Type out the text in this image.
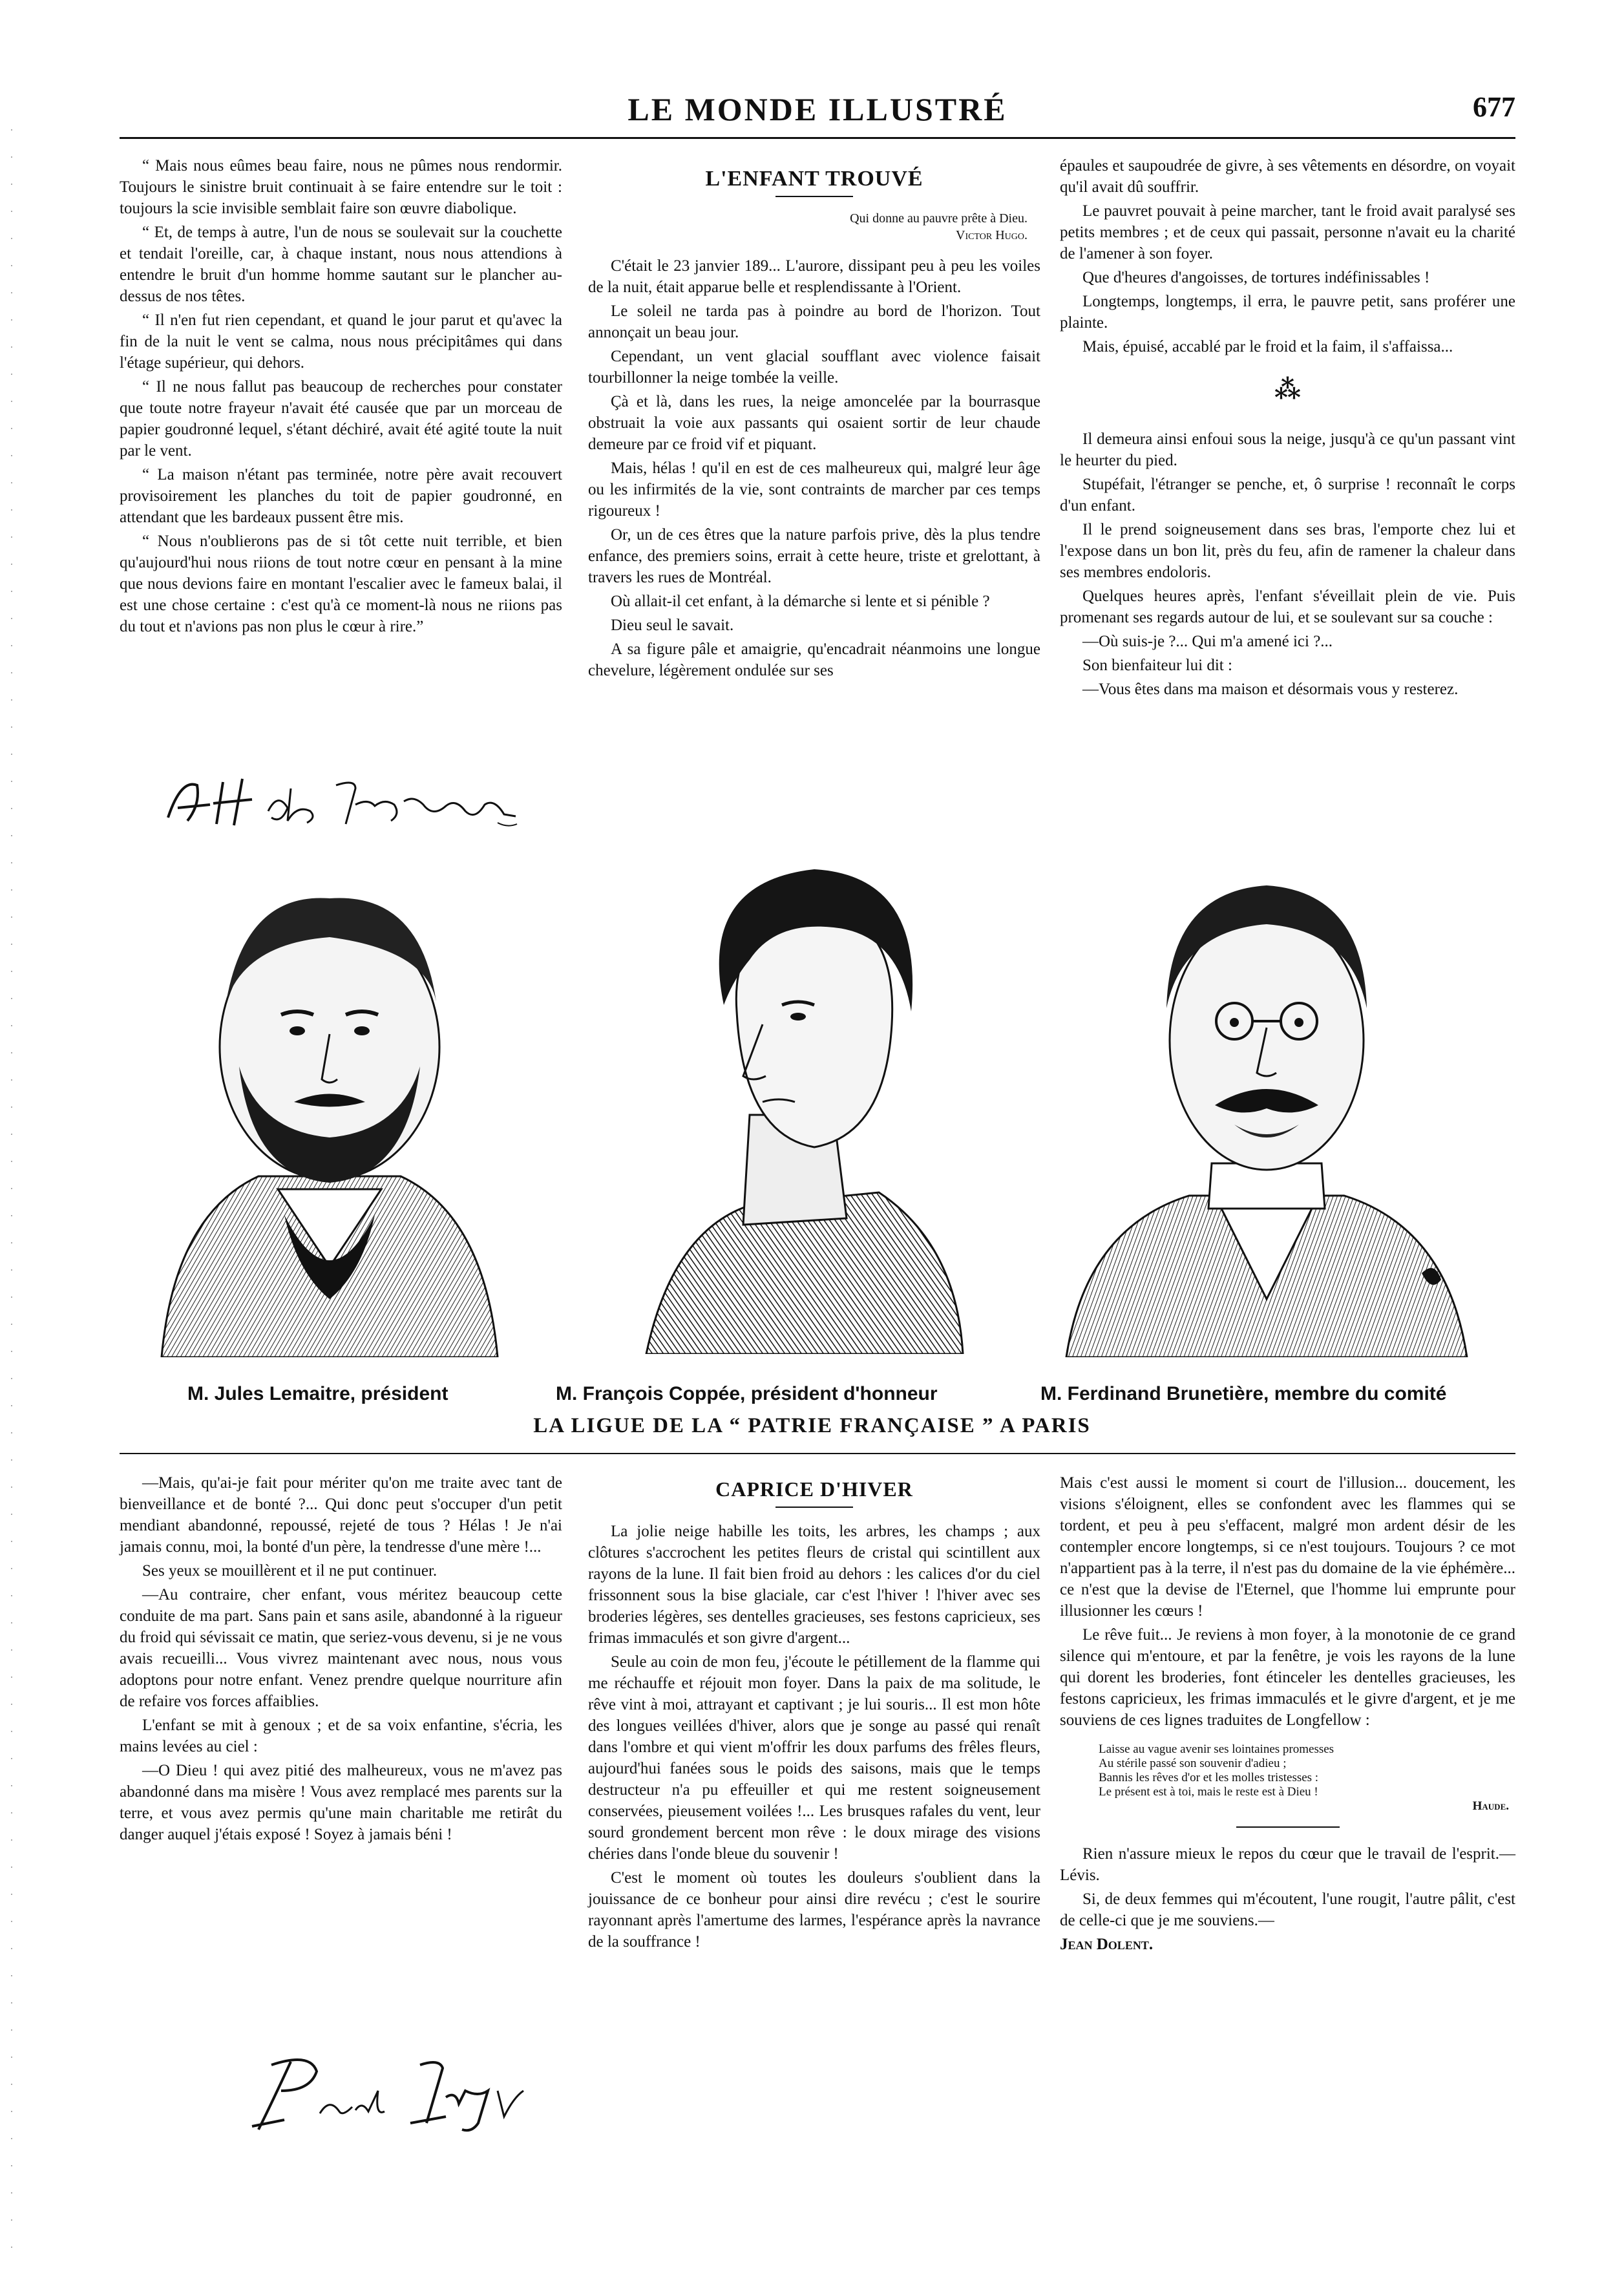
LE MONDE ILLUSTRÉ	677

“ Mais nous eûmes beau faire, nous ne pûmes nous rendormir. Toujours le sinistre bruit continuait à se faire entendre sur le toit : toujours la scie invisible semblait faire son œuvre diabolique.

“ Et, de temps à autre, l'un de nous se soulevait sur la couchette et tendait l'oreille, car, à chaque instant, nous nous attendions à entendre le bruit d'un homme homme sautant sur le plancher au-dessus de nos têtes.

“ Il n'en fut rien cependant, et quand le jour parut et qu'avec la fin de la nuit le vent se calma, nous nous précipitâmes qui dans l'étage supérieur, qui dehors.

“ Il ne nous fallut pas beaucoup de recherches pour constater que toute notre frayeur n'avait été causée que par un morceau de papier goudronné lequel, s'étant déchiré, avait été agité toute la nuit par le vent.

“ La maison n'étant pas terminée, notre père avait recouvert provisoirement les planches du toit de papier goudronné, en attendant que les bardeaux pussent être mis.

“ Nous n'oublierons pas de si tôt cette nuit terrible, et bien qu'aujourd'hui nous riions de tout notre cœur en pensant à la mine que nous devions faire en montant l'escalier avec le fameux balai, il est une chose certaine : c'est qu'à ce moment-là nous ne riions pas du tout et n'avions pas non plus le cœur à rire.”

L'ENFANT TROUVÉ
Qui donne au pauvre prête à Dieu.
Victor Hugo.

C'était le 23 janvier 189... L'aurore, dissipant peu à peu les voiles de la nuit, était apparue belle et resplendissante à l'Orient.

Le soleil ne tarda pas à poindre au bord de l'horizon. Tout annonçait un beau jour.

Cependant, un vent glacial soufflant avec violence faisait tourbillonner la neige tombée la veille.

Çà et là, dans les rues, la neige amoncelée par la bourrasque obstruait la voie aux passants qui osaient sortir de leur chaude demeure par ce froid vif et piquant.

Mais, hélas ! qu'il en est de ces malheureux qui, malgré leur âge ou les infirmités de la vie, sont contraints de marcher par ces temps rigoureux !

Or, un de ces êtres que la nature parfois prive, dès la plus tendre enfance, des premiers soins, errait à cette heure, triste et grelottant, à travers les rues de Montréal.

Où allait-il cet enfant, à la démarche si lente et si pénible ?

Dieu seul le savait.

A sa figure pâle et amaigrie, qu'encadrait néanmoins une longue chevelure, légèrement ondulée sur ses

épaules et saupoudrée de givre, à ses vêtements en désordre, on voyait qu'il avait dû souffrir.

Le pauvret pouvait à peine marcher, tant le froid avait paralysé ses petits membres ; et de ceux qui passait, personne n'avait eu la charité de l'amener à son foyer.

Que d'heures d'angoisses, de tortures indéfinissables !

Longtemps, longtemps, il erra, le pauvre petit, sans proférer une plainte.

Mais, épuisé, accablé par le froid et la faim, il s'affaissa...

⁂

Il demeura ainsi enfoui sous la neige, jusqu'à ce qu'un passant vint le heurter du pied.

Stupéfait, l'étranger se penche, et, ô surprise ! reconnaît le corps d'un enfant.

Il le prend soigneusement dans ses bras, l'emporte chez lui et l'expose dans un bon lit, près du feu, afin de ramener la chaleur dans ses membres endoloris.

Quelques heures après, l'enfant s'éveillait plein de vie. Puis promenant ses regards autour de lui, et se soulevant sur sa couche :

—Où suis-je ?... Qui m'a amené ici ?...

Son bienfaiteur lui dit :

—Vous êtes dans ma maison et désormais vous y resterez.

M. Jules Lemaitre, président	M. François Coppée, président d'honneur	M. Ferdinand Brunetière, membre du comité
LA LIGUE DE LA “ PATRIE FRANÇAISE ” A PARIS

—Mais, qu'ai-je fait pour mériter qu'on me traite avec tant de bienveillance et de bonté ?... Qui donc peut s'occuper d'un petit mendiant abandonné, repoussé, rejeté de tous ? Hélas ! Je n'ai jamais connu, moi, la bonté d'un père, la tendresse d'une mère !...

Ses yeux se mouillèrent et il ne put continuer.

—Au contraire, cher enfant, vous méritez beaucoup cette conduite de ma part. Sans pain et sans asile, abandonné à la rigueur du froid qui sévissait ce matin, que seriez-vous devenu, si je ne vous avais recueilli... Vous vivrez maintenant avec nous, nous vous adoptons pour notre enfant. Venez prendre quelque nourriture afin de refaire vos forces affaiblies.

L'enfant se mit à genoux ; et de sa voix enfantine, s'écria, les mains levées au ciel :

—O Dieu ! qui avez pitié des malheureux, vous ne m'avez pas abandonné dans ma misère ! Vous avez remplacé mes parents sur la terre, et vous avez permis qu'une main charitable me retirât du danger auquel j'étais exposé ! Soyez à jamais béni !

CAPRICE D'HIVER

La jolie neige habille les toits, les arbres, les champs ; aux clôtures s'accrochent les petites fleurs de cristal qui scintillent aux rayons de la lune. Il fait bien froid au dehors : les calices d'or du ciel frissonnent sous la bise glaciale, car c'est l'hiver ! l'hiver avec ses broderies légères, ses dentelles gracieuses, ses festons capricieux, ses frimas immaculés et son givre d'argent...

Seule au coin de mon feu, j'écoute le pétillement de la flamme qui me réchauffe et réjouit mon foyer. Dans la paix de ma solitude, le rêve vint à moi, attrayant et captivant ; je lui souris... Il est mon hôte des longues veillées d'hiver, alors que je songe au passé qui renaît dans l'ombre et qui vient m'offrir les doux parfums des frêles fleurs, aujourd'hui fanées sous le poids des saisons, mais que le temps destructeur n'a pu effeuiller et qui me restent soigneusement conservées, pieusement voilées !... Les brusques rafales du vent, leur sourd grondement bercent mon rêve : le doux mirage des visions chéries dans l'onde bleue du souvenir !

C'est le moment où toutes les douleurs s'oublient dans la jouissance de ce bonheur pour ainsi dire revécu ; c'est le sourire rayonnant après l'amertume des larmes, l'espérance après la navrance de la souffrance !

Mais c'est aussi le moment si court de l'illusion... doucement, les visions s'éloignent, elles se confondent avec les flammes qui se tordent, et peu à peu s'effacent, malgré mon ardent désir de les contempler encore longtemps, si ce n'est toujours. Toujours ? ce mot n'appartient pas à la terre, il n'est pas du domaine de la vie éphémère... ce n'est que la devise de l'Eternel, que l'homme lui emprunte pour illusionner les cœurs !

Le rêve fuit... Je reviens à mon foyer, à la monotonie de ce grand silence qui m'entoure, et par la fenêtre, je vois les rayons de la lune qui dorent les broderies, font étinceler les dentelles gracieuses, les festons capricieux, les frimas immaculés et le givre d'argent, et je me souviens de ces lignes traduites de Longfellow :

Laisse au vague avenir ses lointaines promesses
Au stérile passé son souvenir d'adieu ;
Bannis les rêves d'or et les molles tristesses :
Le présent est à toi, mais le reste est à Dieu !
Haude.

Rien n'assure mieux le repos du cœur que le travail de l'esprit.—Lévis.

Si, de deux femmes qui m'écoutent, l'une rougit, l'autre pâlit, c'est de celle-ci que je me souviens.—

Jean Dolent.
